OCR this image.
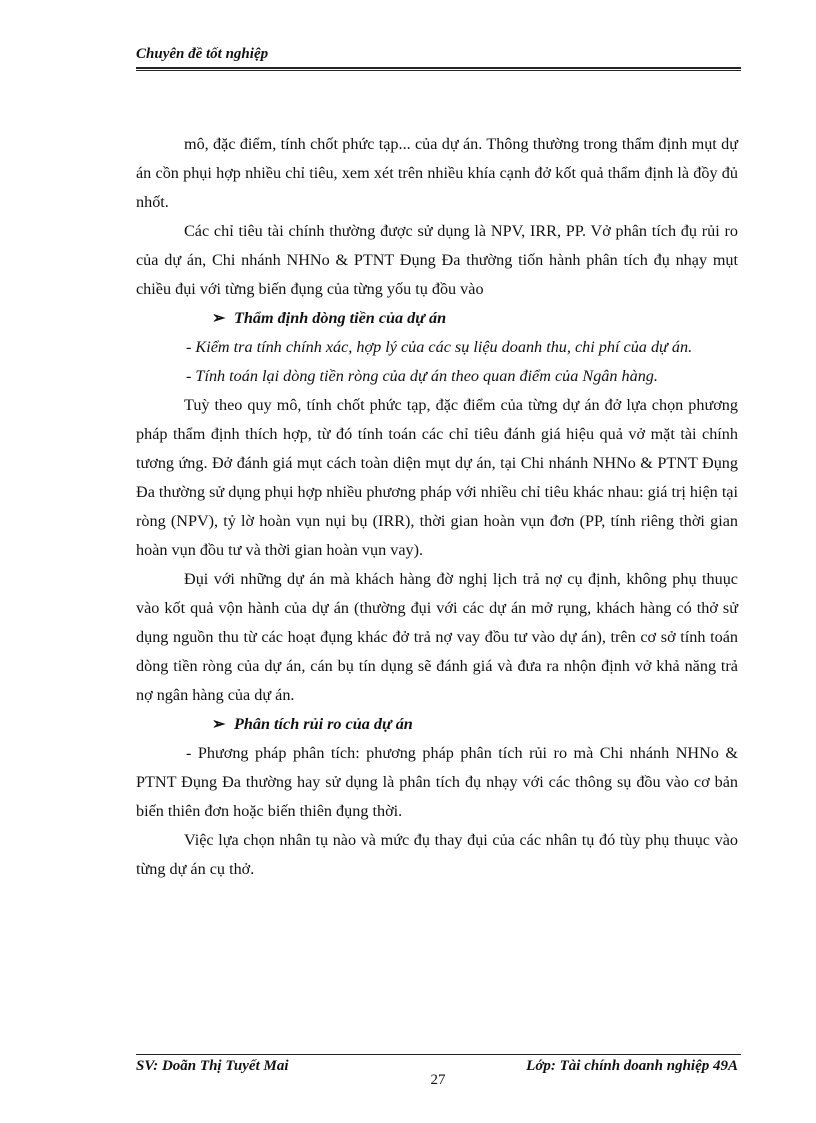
Chuyên đề tốt nghiệp

mô, đặc điểm, tính chốt phức tạp... của dự án. Thông thường trong thẩm định mụt dự án cồn phụi hợp nhiều chỉ tiêu, xem xét trên nhiều khía cạnh đở kốt quả thẩm định là đồy đủ nhốt.

Các chỉ tiêu tài chính thường được sử dụng là NPV, IRR, PP. Vở phân tích đụ rủi ro của dự án, Chi nhánh NHNo & PTNT Đụng Đa thường tiốn hành phân tích đụ nhạy mụt chiều đụi với từng biến đụng của từng yốu tụ đồu vào

➢ Thẩm định dòng tiền của dự án

- Kiểm tra tính chính xác, hợp lý của các sụ liệu doanh thu, chi phí của dự án.

- Tính toán lại dòng tiền ròng của dự án theo quan điểm của Ngân hàng.

Tuỳ theo quy mô, tính chốt phức tạp, đặc điểm của từng dự án đở lựa chọn phương pháp thẩm định thích hợp, từ đó tính toán các chỉ tiêu đánh giá hiệu quả vở mặt tài chính tương ứng. Đở đánh giá mụt cách toàn diện mụt dự án, tại Chi nhánh NHNo & PTNT Đụng Đa thường sử dụng phụi hợp nhiều phương pháp với nhiều chỉ tiêu khác nhau: giá trị hiện tại ròng (NPV), tỷ lờ hoàn vụn nụi bụ (IRR), thời gian hoàn vụn đơn (PP, tính riêng thời gian hoàn vụn đồu tư và thời gian hoàn vụn vay).

Đụi với những dự án mà khách hàng đờ nghị lịch trả nợ cụ định, không phụ thuục vào kốt quả vộn hành của dự án (thường đụi với các dự án mở rụng, khách hàng có thở sử dụng nguồn thu từ các hoạt đụng khác đở trả nợ vay đồu tư vào dự án), trên cơ sở tính toán dòng tiền ròng của dự án, cán bụ tín dụng sẽ đánh giá và đưa ra nhộn định vở khả năng trả nợ ngân hàng của dự án.

➢ Phân tích rủi ro của dự án

- Phương pháp phân tích: phương pháp phân tích rủi ro mà Chi nhánh NHNo & PTNT Đụng Đa thường hay sử dụng là phân tích đụ nhạy với các thông sụ đồu vào cơ bản biến thiên đơn hoặc biến thiên đụng thời.

Việc lựa chọn nhân tụ nào và mức đụ thay đụi của các nhân tụ đó tùy phụ thuục vào từng dự án cụ thở.

SV: Doãn Thị Tuyết Mai	Lớp: Tài chính doanh nghiệp 49A
27
